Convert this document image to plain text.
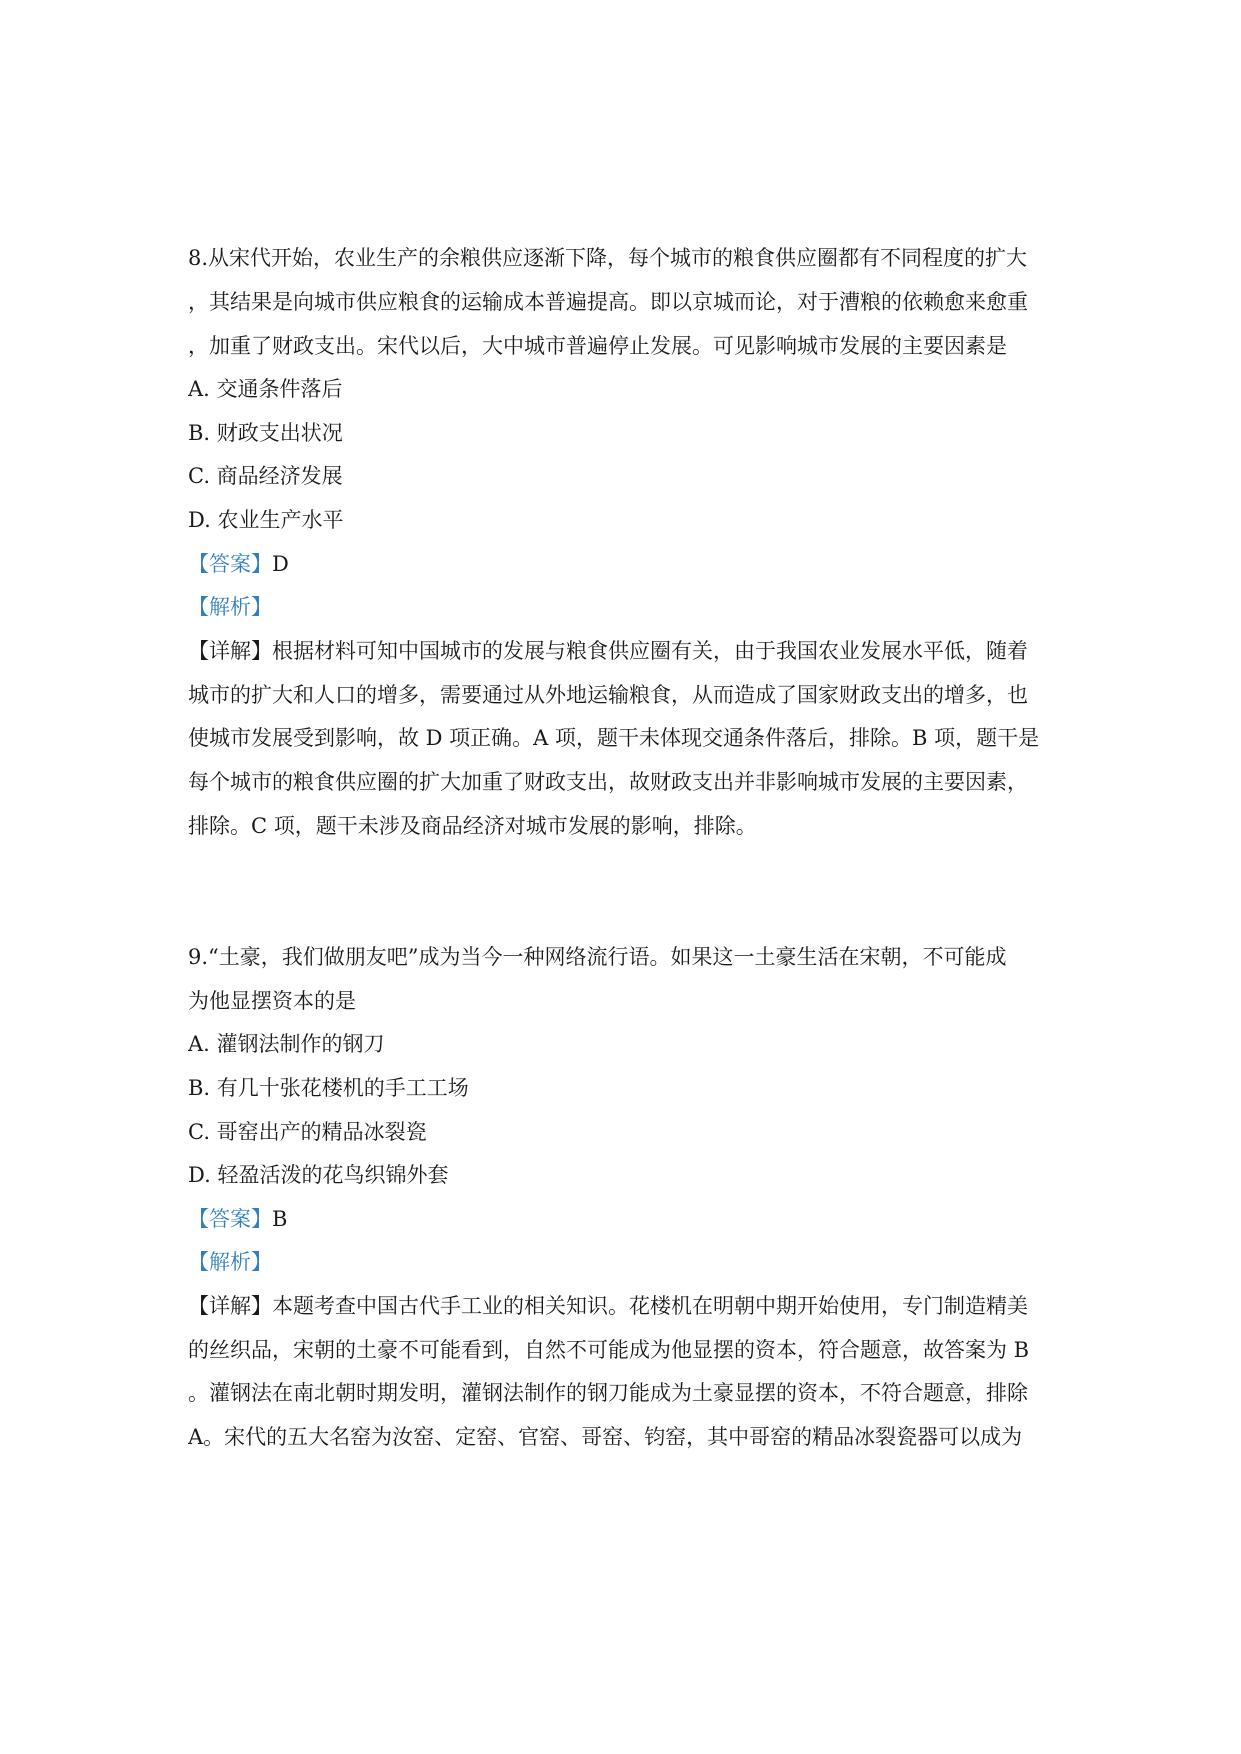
8.从宋代开始，农业生产的余粮供应逐渐下降，每个城市的粮食供应圈都有不同程度的扩大
，其结果是向城市供应粮食的运输成本普遍提高。即以京城而论，对于漕粮的依赖愈来愈重
，加重了财政支出。宋代以后，大中城市普遍停止发展。可见影响城市发展的主要因素是
A. 交通条件落后
B. 财政支出状况
C. 商品经济发展
D. 农业生产水平
【答案】D
【解析】
【详解】根据材料可知中国城市的发展与粮食供应圈有关，由于我国农业发展水平低，随着
城市的扩大和人口的增多，需要通过从外地运输粮食，从而造成了国家财政支出的增多，也
使城市发展受到影响，故 D 项正确。A 项，题干未体现交通条件落后，排除。B 项，题干是
每个城市的粮食供应圈的扩大加重了财政支出，故财政支出并非影响城市发展的主要因素，
排除。C 项，题干未涉及商品经济对城市发展的影响，排除。
9.“土豪，我们做朋友吧”成为当今一种网络流行语。如果这一土豪生活在宋朝，不可能成
为他显摆资本的是
A. 灌钢法制作的钢刀
B. 有几十张花楼机的手工工场
C. 哥窑出产的精品冰裂瓷
D. 轻盈活泼的花鸟织锦外套
【答案】B
【解析】
【详解】本题考查中国古代手工业的相关知识。花楼机在明朝中期开始使用，专门制造精美
的丝织品，宋朝的土豪不可能看到，自然不可能成为他显摆的资本，符合题意，故答案为 B
。灌钢法在南北朝时期发明，灌钢法制作的钢刀能成为土豪显摆的资本，不符合题意，排除
A。宋代的五大名窑为汝窑、定窑、官窑、哥窑、钧窑，其中哥窑的精品冰裂瓷器可以成为
